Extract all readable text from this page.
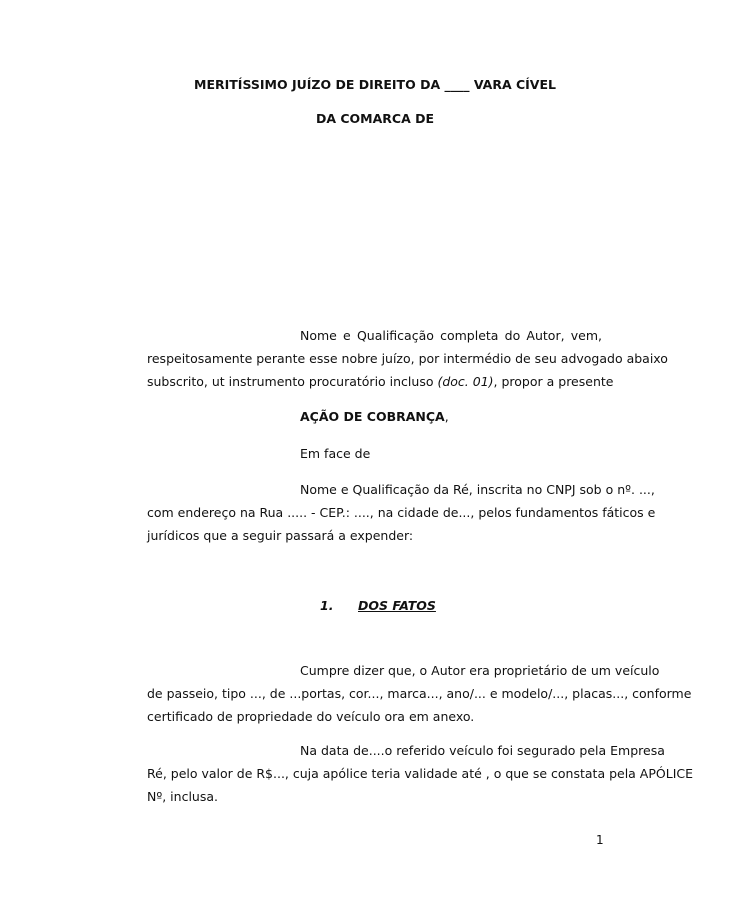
MERITÍSSIMO JUÍZO DE DIREITO DA ____ VARA CÍVEL
DA COMARCA DE
Nome e Qualificação completa do Autor, vem,
respeitosamente perante esse nobre juízo, por intermédio de seu advogado abaixo
subscrito, ut instrumento procuratório incluso (doc. 01), propor a presente
AÇÃO DE COBRANÇA,
Em face de
Nome e Qualificação da Ré, inscrita no CNPJ sob o nº. ...,
com endereço na Rua ..... - CEP.: ...., na cidade de..., pelos fundamentos fáticos e
jurídicos que a seguir passará a expender:
1. DOS FATOS
Cumpre dizer que, o Autor era proprietário de um veículo
de passeio, tipo ..., de ...portas, cor..., marca..., ano/... e modelo/..., placas..., conforme
certificado de propriedade do veículo ora em anexo.
Na data de....o referido veículo foi segurado pela Empresa
Ré, pelo valor de R$..., cuja apólice teria validade até , o que se constata pela APÓLICE
Nº, inclusa.
1
